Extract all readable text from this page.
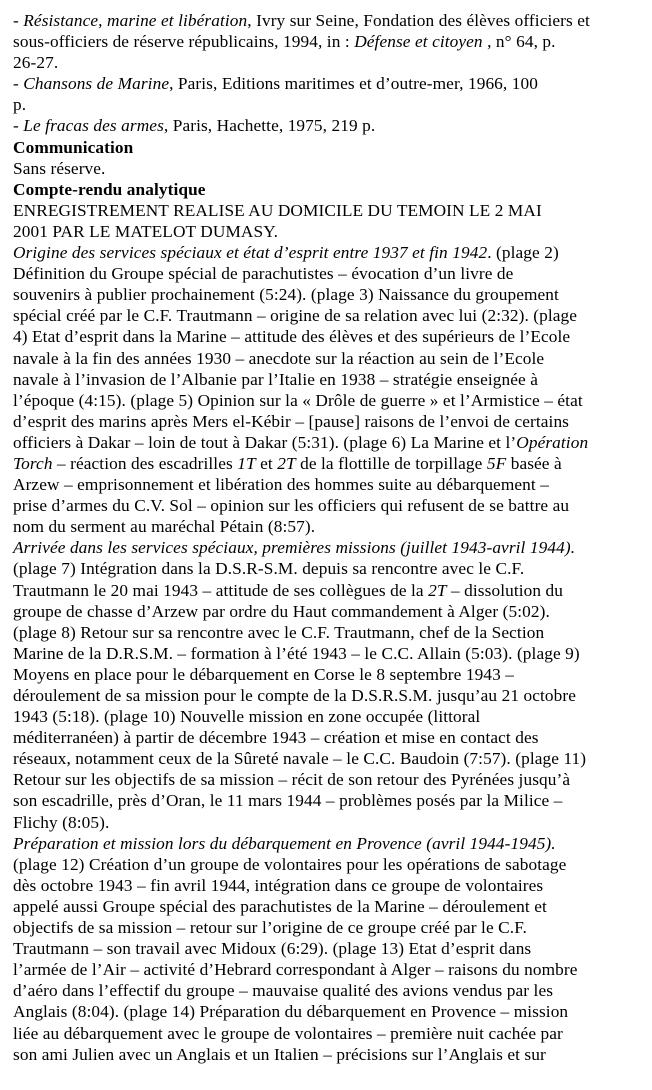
- Résistance, marine et libération, Ivry sur Seine, Fondation des élèves officiers et
sous-officiers de réserve républicains, 1994, in : Défense et citoyen , n° 64, p.
26-27.
- Chansons de Marine, Paris, Editions maritimes et d’outre-mer, 1966, 100
p.
- Le fracas des armes, Paris, Hachette, 1975, 219 p.
Communication
Sans réserve.
Compte-rendu analytique
ENREGISTREMENT REALISE AU DOMICILE DU TEMOIN LE 2 MAI
2001 PAR LE MATELOT DUMASY.
Origine des services spéciaux et état d’esprit entre 1937 et fin 1942. (plage 2)
Définition du Groupe spécial de parachutistes – évocation d’un livre de
souvenirs à publier prochainement (5:24). (plage 3) Naissance du groupement
spécial créé par le C.F. Trautmann – origine de sa relation avec lui (2:32). (plage
4) Etat d’esprit dans la Marine – attitude des élèves et des supérieurs de l’Ecole
navale à la fin des années 1930 – anecdote sur la réaction au sein de l’Ecole
navale à l’invasion de l’Albanie par l’Italie en 1938 – stratégie enseignée à
l’époque (4:15). (plage 5) Opinion sur la « Drôle de guerre » et l’Armistice – état
d’esprit des marins après Mers el-Kébir – [pause] raisons de l’envoi de certains
officiers à Dakar – loin de tout à Dakar (5:31). (plage 6) La Marine et l’Opération
Torch – réaction des escadrilles 1T et 2T de la flottille de torpillage 5F basée à
Arzew – emprisonnement et libération des hommes suite au débarquement –
prise d’armes du C.V. Sol – opinion sur les officiers qui refusent de se battre au
nom du serment au maréchal Pétain (8:57).
Arrivée dans les services spéciaux, premières missions (juillet 1943-avril 1944).
(plage 7) Intégration dans la D.S.R-S.M. depuis sa rencontre avec le C.F.
Trautmann le 20 mai 1943 – attitude de ses collègues de la 2T – dissolution du
groupe de chasse d’Arzew par ordre du Haut commandement à Alger (5:02).
(plage 8) Retour sur sa rencontre avec le C.F. Trautmann, chef de la Section
Marine de la D.R.S.M. – formation à l’été 1943 – le C.C. Allain (5:03). (plage 9)
Moyens en place pour le débarquement en Corse le 8 septembre 1943 –
déroulement de sa mission pour le compte de la D.S.R.S.M. jusqu’au 21 octobre
1943 (5:18). (plage 10) Nouvelle mission en zone occupée (littoral
méditerranéen) à partir de décembre 1943 – création et mise en contact des
réseaux, notamment ceux de la Sûreté navale – le C.C. Baudoin (7:57). (plage 11)
Retour sur les objectifs de sa mission – récit de son retour des Pyrénées jusqu’à
son escadrille, près d’Oran, le 11 mars 1944 – problèmes posés par la Milice –
Flichy (8:05).
Préparation et mission lors du débarquement en Provence (avril 1944-1945).
(plage 12) Création d’un groupe de volontaires pour les opérations de sabotage
dès octobre 1943 – fin avril 1944, intégration dans ce groupe de volontaires
appelé aussi Groupe spécial des parachutistes de la Marine – déroulement et
objectifs de sa mission – retour sur l’origine de ce groupe créé par le C.F.
Trautmann – son travail avec Midoux (6:29). (plage 13) Etat d’esprit dans
l’armée de l’Air – activité d’Hebrard correspondant à Alger – raisons du nombre
d’aéro dans l’effectif du groupe – mauvaise qualité des avions vendus par les
Anglais (8:04). (plage 14) Préparation du débarquement en Provence – mission
liée au débarquement avec le groupe de volontaires – première nuit cachée par
son ami Julien avec un Anglais et un Italien – précisions sur l’Anglais et sur
